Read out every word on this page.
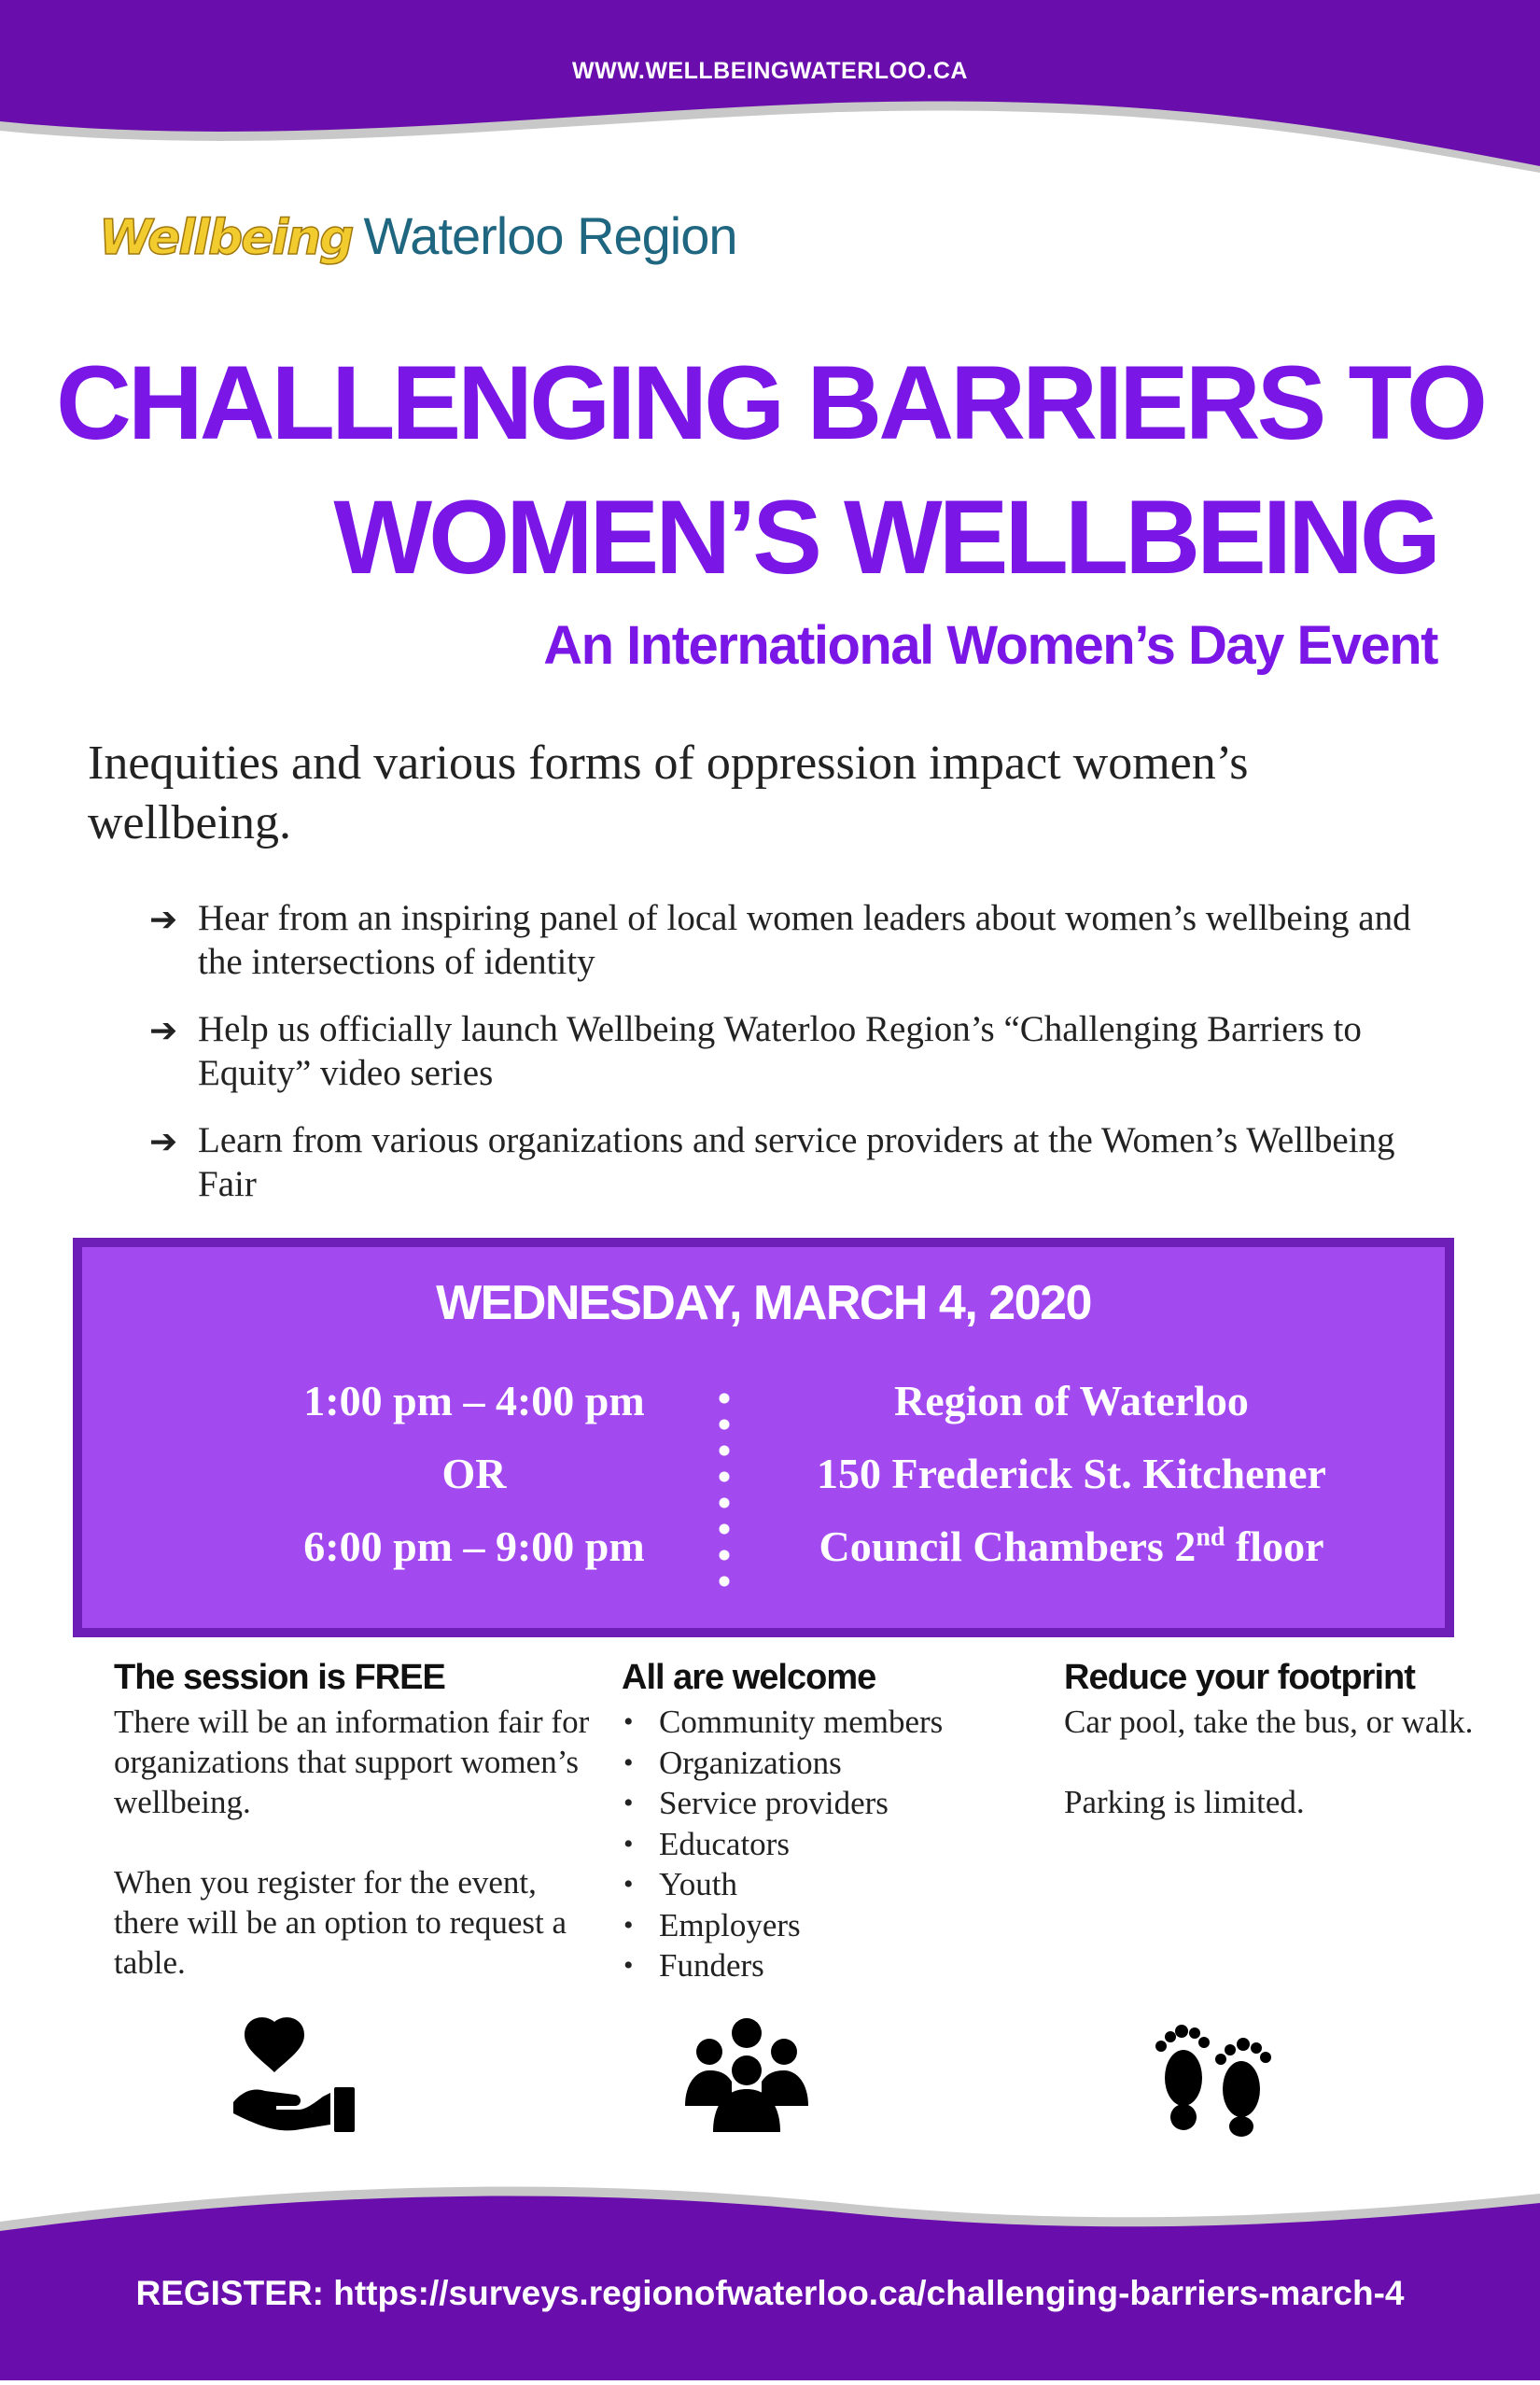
WWW.WELLBEINGWATERLOO.CA
Wellbeing Waterloo Region
CHALLENGING BARRIERS TO
WOMEN’S WELLBEING
An International Women’s Day Event
Inequities and various forms of oppression impact women’s wellbeing.
➔ Hear from an inspiring panel of local women leaders about women’s wellbeing and the intersections of identity
➔ Help us officially launch Wellbeing Waterloo Region’s “Challenging Barriers to Equity” video series
➔ Learn from various organizations and service providers at the Women’s Wellbeing Fair
WEDNESDAY, MARCH 4, 2020
1:00 pm – 4:00 pm
OR
6:00 pm – 9:00 pm
Region of Waterloo
150 Frederick St. Kitchener
Council Chambers 2nd floor
The session is FREE

There will be an information fair for organizations that support women’s wellbeing.

When you register for the event, there will be an option to request a table.

All are welcome
• Community members
• Organizations
• Service providers
• Educators
• Youth
• Employers
• Funders
Reduce your footprint

Car pool, take the bus, or walk.

Parking is limited.

REGISTER: https://surveys.regionofwaterloo.ca/challenging-barriers-march-4
